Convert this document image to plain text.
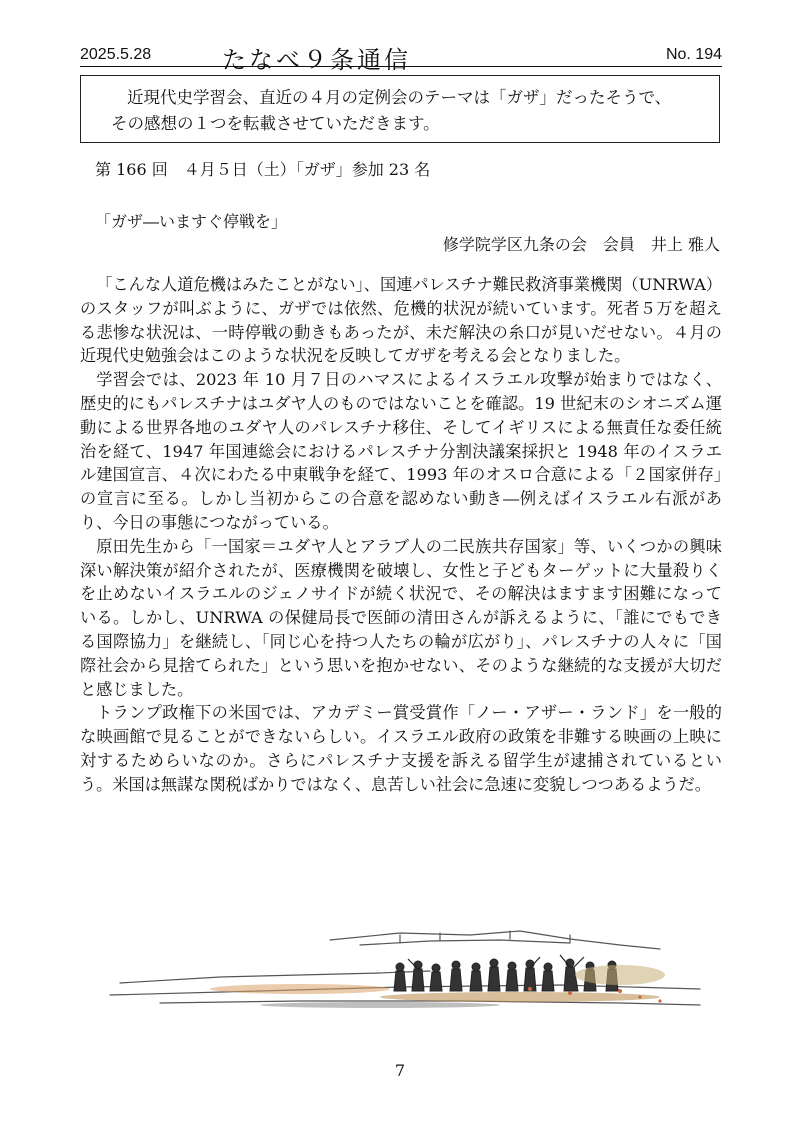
2025.5.28	たなべ９条通信	No. 194

近現代史学習会、直近の４月の定例会のテーマは「ガザ」だったそうで、

その感想の１つを転載させていただきます。

第 166 回　４月５日（土）「ガザ」参加 23 名
「ガザ―いますぐ停戦を」
修学院学区九条の会　会員　井上 雅人

「こんな人道危機はみたことがない」、国連パレスチナ難民救済事業機関（UNRWA）のスタッフが叫ぶように、ガザでは依然、危機的状況が続いています。死者５万を超える悲惨な状況は、一時停戦の動きもあったが、未だ解決の糸口が見いだせない。４月の近現代史勉強会はこのような状況を反映してガザを考える会となりました。

学習会では、2023 年 10 月７日のハマスによるイスラエル攻撃が始まりではなく、歴史的にもパレスチナはユダヤ人のものではないことを確認。19 世紀末のシオニズム運動による世界各地のユダヤ人のパレスチナ移住、そしてイギリスによる無責任な委任統治を経て、1947 年国連総会におけるパレスチナ分割決議案採択と 1948 年のイスラエル建国宣言、４次にわたる中東戦争を経て、1993 年のオスロ合意による「２国家併存」の宣言に至る。しかし当初からこの合意を認めない動き―例えばイスラエル右派があり、今日の事態につながっている。

原田先生から「一国家＝ユダヤ人とアラブ人の二民族共存国家」等、いくつかの興味深い解決策が紹介されたが、医療機関を破壊し、女性と子どもターゲットに大量殺りくを止めないイスラエルのジェノサイドが続く状況で、その解決はますます困難になっている。しかし、UNRWA の保健局長で医師の清田さんが訴えるように、「誰にでもできる国際協力」を継続し、「同じ心を持つ人たちの輪が広がり」、パレスチナの人々に「国際社会から見捨てられた」という思いを抱かせない、そのような継続的な支援が大切だと感じました。

トランプ政権下の米国では、アカデミー賞受賞作「ノー・アザー・ランド」を一般的な映画館で見ることができないらしい。イスラエル政府の政策を非難する映画の上映に対するためらいなのか。さらにパレスチナ支援を訴える留学生が逮捕されているという。米国は無謀な関税ばかりではなく、息苦しい社会に急速に変貌しつつあるようだ。

7
